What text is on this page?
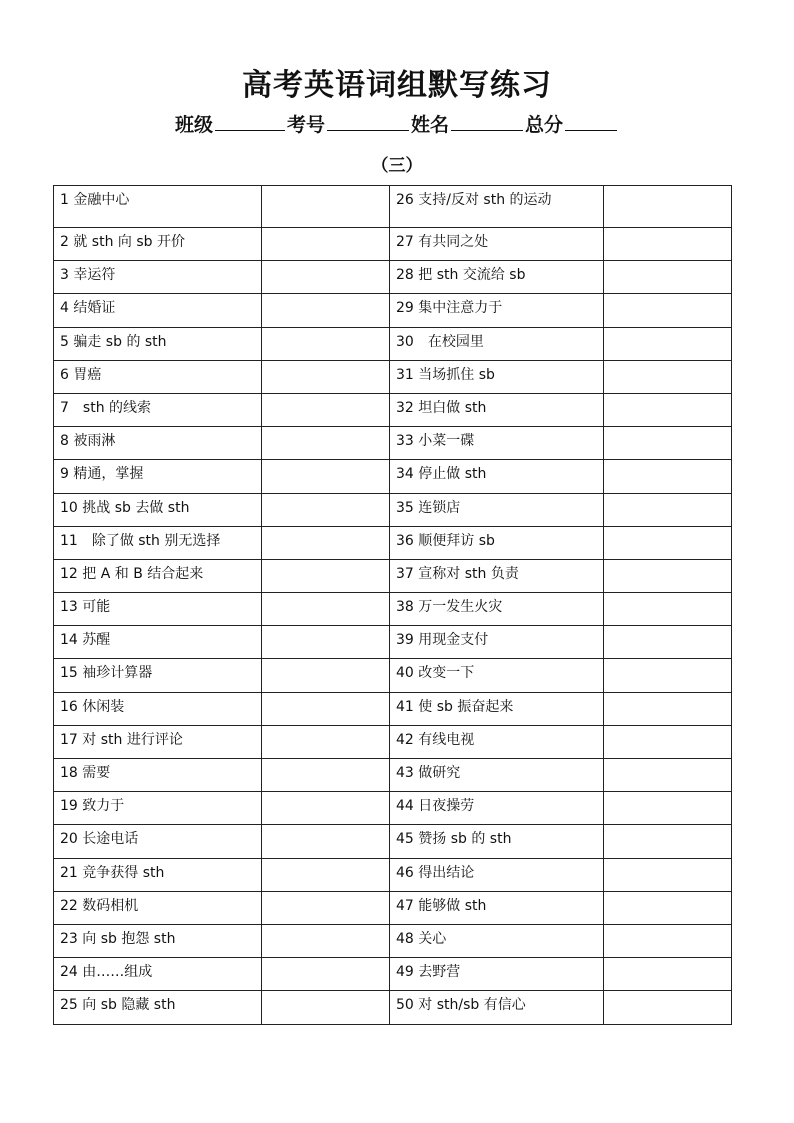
高考英语词组默写练习
班级	考号	姓名	总分
（三）
1 金融中心		26 支持/反对 sth 的运动	
2 就 sth 向 sb 开价		27 有共同之处	
3 幸运符		28 把 sth 交流给 sb	
4 结婚证		29 集中注意力于	
5 骗走 sb 的 sth		30　在校园里	
6 胃癌		31 当场抓住 sb	
7　sth 的线索		32 坦白做 sth	
8 被雨淋		33 小菜一碟	
9 精通，掌握		34 停止做 sth	
10 挑战 sb 去做 sth		35 连锁店	
11　除了做 sth 别无选择		36 顺便拜访 sb	
12 把 A 和 B 结合起来		37 宣称对 sth 负责	
13 可能		38 万一发生火灾	
14 苏醒		39 用现金支付	
15 袖珍计算器		40 改变一下	
16 休闲装		41 使 sb 振奋起来	
17 对 sth 进行评论		42 有线电视	
18 需要		43 做研究	
19 致力于		44 日夜操劳	
20 长途电话		45 赞扬 sb 的 sth	
21 竞争获得 sth		46 得出结论	
22 数码相机		47 能够做 sth	
23 向 sb 抱怨 sth		48 关心	
24 由……组成		49 去野营	
25 向 sb 隐藏 sth		50 对 sth/sb 有信心	
